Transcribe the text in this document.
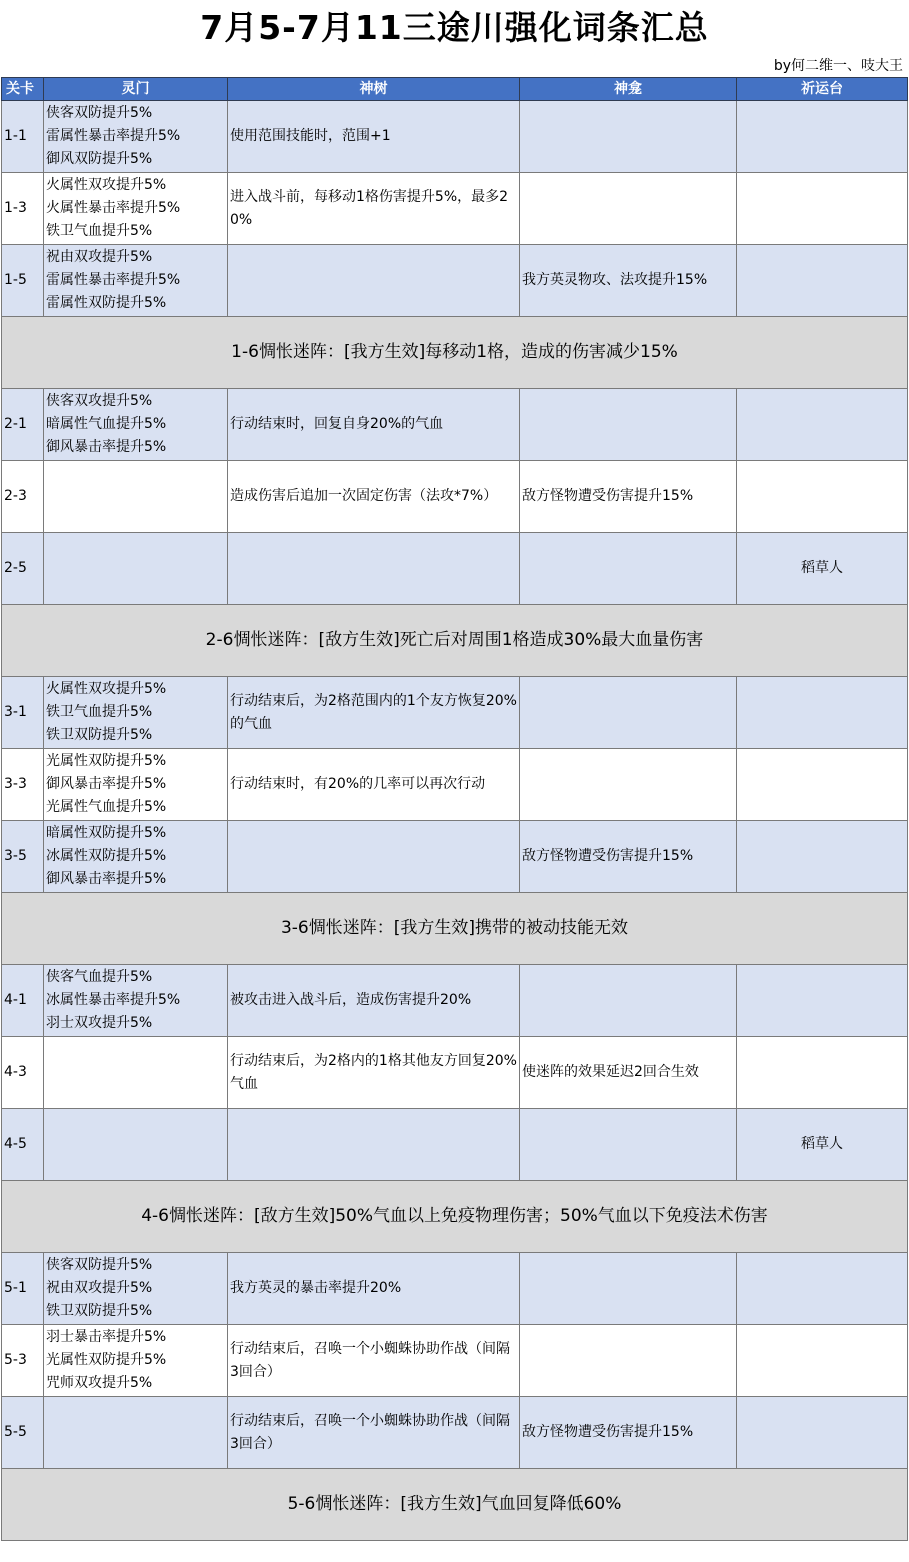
7月5-7月11三途川强化词条汇总
by何二维一、吱大王
关卡	灵门	神树	神龛	祈运台
1-1	侠客双防提升5%
雷属性暴击率提升5%
御风双防提升5%	使用范围技能时，范围+1		
1-3	火属性双攻提升5%
火属性暴击率提升5%
铁卫气血提升5%	进入战斗前，每移动1格伤害提升5%，最多20%		
1-5	祝由双攻提升5%
雷属性暴击率提升5%
雷属性双防提升5%		我方英灵物攻、法攻提升15%	
1-6惆怅迷阵：[我方生效]每移动1格，造成的伤害减少15%				
2-1	侠客双攻提升5%
暗属性气血提升5%
御风暴击率提升5%	行动结束时，回复自身20%的气血		
2-3		造成伤害后追加一次固定伤害（法攻*7%）	敌方怪物遭受伤害提升15%	
2-5				稻草人
2-6惆怅迷阵：[敌方生效]死亡后对周围1格造成30%最大血量伤害				
3-1	火属性双攻提升5%
铁卫气血提升5%
铁卫双防提升5%	行动结束后，为2格范围内的1个友方恢复20%的气血		
3-3	光属性双防提升5%
御风暴击率提升5%
光属性气血提升5%	行动结束时，有20%的几率可以再次行动		
3-5	暗属性双防提升5%
冰属性双防提升5%
御风暴击率提升5%		敌方怪物遭受伤害提升15%	
3-6惆怅迷阵：[我方生效]携带的被动技能无效				
4-1	侠客气血提升5%
冰属性暴击率提升5%
羽士双攻提升5%	被攻击进入战斗后，造成伤害提升20%		
4-3		行动结束后，为2格内的1格其他友方回复20%气血	使迷阵的效果延迟2回合生效	
4-5				稻草人
4-6惆怅迷阵：[敌方生效]50%气血以上免疫物理伤害；50%气血以下免疫法术伤害				
5-1	侠客双防提升5%
祝由双攻提升5%
铁卫双防提升5%	我方英灵的暴击率提升20%		
5-3	羽士暴击率提升5%
光属性双防提升5%
咒师双攻提升5%	行动结束后，召唤一个小蜘蛛协助作战（间隔3回合）		
5-5		行动结束后，召唤一个小蜘蛛协助作战（间隔3回合）	敌方怪物遭受伤害提升15%	
5-6惆怅迷阵：[我方生效]气血回复降低60%				
